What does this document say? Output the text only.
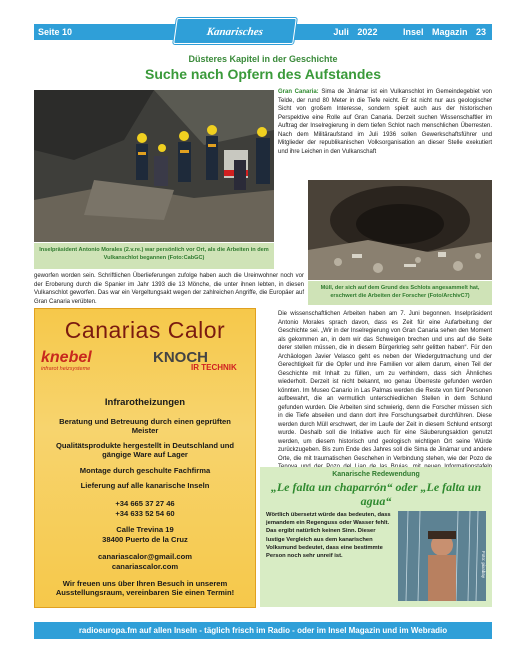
Seite 10	Juli 2022	Insel Magazin 23
Kanarisches
Düsteres Kapitel in der Geschichte
Suche nach Opfern des Aufstandes
Inselpräsident Antonio Morales (2.v.re.) war persönlich vor Ort, als die Arbeiten in dem Vulkanschlot begannen (Foto:CabGC)
Gran Canaria: Sima de Jinámar ist ein Vulkanschlot im Gemeindegebiet von Telde, der rund 80 Meter in die Tiefe reicht. Er ist nicht nur aus geologischer Sicht von großem Interesse, sondern spielt auch aus der historischen Perspektive eine Rolle auf Gran Canaria. Derzeit suchen Wissenschaftler im Auftrag der Inselregierung in dem tiefen Schlot nach menschlichen Überresten. Nach dem Militäraufstand im Juli 1936 sollen Gewerkschaftsführer und Mitglieder der republikanischen Volksorganisation an dieser Stelle exekutiert und ihre Leichen in den Vulkanschaft
Müll, der sich auf dem Grund des Schlots angesammelt hat, erschwert die Arbeiten der Forscher (Foto/ArchivC7)
geworfen worden sein. Schriftlichen Überlieferungen zufolge haben auch die Ureinwohner noch vor der Eroberung durch die Spanier im Jahr 1393 die 13 Mönche, die unter ihnen lebten, in diesen Vulkanschlot geworfen. Das war ein Vergeltungsakt wegen der zahlreichen Angriffe, die Europäer auf Gran Canaria verübten.
Die wissenschaftlichen Arbeiten haben am 7. Juni begonnen. Inselpräsident Antonio Morales sprach davon, dass es Zeit für eine Aufarbeitung der Geschichte sei. „Wir in der Inselregierung von Gran Canaria sehen den Moment als gekommen an, in dem wir das Schweigen brechen und uns auf die Seite derer stellen müssen, die in diesem Bürgerkrieg sehr gelitten haben“. Für den Archäologen Javier Velasco geht es neben der Wiedergutmachung und der Gerechtigkeit für die Opfer und ihre Familien vor allem darum, einen Teil der Geschichte mit Inhalt zu füllen, um zu verhindern, dass sich Ähnliches wiederholt. Derzeit ist nicht bekannt, wo genau Überreste gefunden werden könnten. Im Museo Canario in Las Palmas werden die Reste von fünf Personen aufbewahrt, die an vermutlich unterschiedlichen Stellen in dem Schlund gefunden wurden. Die Arbeiten sind schwierig, denn die Forscher müssen sich in die Tiefe abseilen und dann dort ihre Forschungsarbeit durchführen. Diese werden durch Müll erschwert, der im Laufe der Zeit in diesem Schlund entsorgt wurde. Deshalb soll die Initiative auch für eine Säuberungsaktion genutzt werden, um diesem historisch und geologisch wichtigen Ort seine Würde zurückzugeben. Bis zum Ende des Jahres soll die Sima de Jinámar und andere Orte, die mit traumatischen Geschehen in Verbindung stehen, wie der Pozo de
Canarias Calor
knebel
infrarot heizsysteme
KNOCH
IR TECHNIK
Infrarotheizungen
Beratung und Betreuung durch einen geprüften Meister
Qualitätsprodukte hergestellt in Deutschland und gängige Ware auf Lager
Montage durch geschulte Fachfirma
Lieferung auf alle kanarische Inseln
+34 665 37 27 46
+34 633 52 54 60
Calle Trevina 19
38400 Puerto de la Cruz
canariascalor@gmail.com
canariascalor.com
Wir freuen uns über Ihren Besuch in unserem Ausstellungsraum, vereinbaren Sie einen Termin!
Kanarische Redewendung
„Le falta un chaparrón“ oder „Le falta un agua“
Wörtlich übersetzt würde das bedeuten, dass jemandem ein Regenguss oder Wasser fehlt. Das ergibt natürlich keinen Sinn. Dieser lustige Vergleich aus dem kanarischen Volksmund bedeutet, dass eine bestimmte Person noch sehr unreif ist.	Foto: pixabay
radioeuropa.fm auf allen Inseln - täglich frisch im Radio - oder im Insel Magazin und im Webradio
